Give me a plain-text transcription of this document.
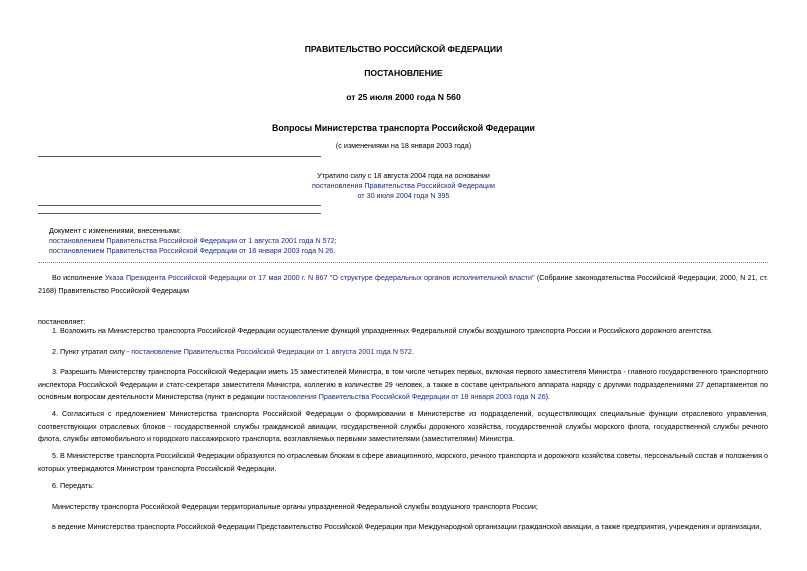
ПРАВИТЕЛЬСТВО РОССИЙСКОЙ ФЕДЕРАЦИИ
ПОСТАНОВЛЕНИЕ
от 25 июля 2000 года N 560
Вопросы Министерства транспорта Российской Федерации
(с изменениями на 18 января 2003 года)
Утратило силу с 18 августа 2004 года на основании
постановления Правительства Российской Федерации
от 30 июля 2004 года N 395
Документ с изменениями, внесенными:
постановлением Правительства Российской Федерации от 1 августа 2001 года N 572;
постановлением Правительства Российской Федерации от 18 января 2003 года N 26.
Во исполнение Указа Президента Российской Федерации от 17 мая 2000 г. N 867 "О структуре федеральных органов исполнительной власти" (Собрание законодательства Российской Федерации, 2000, N 21, ст. 2168) Правительство Российской Федерации
постановляет:
1. Возложить на Министерство транспорта Российской Федерации осуществление функций упраздненных Федеральной службы воздушного транспорта России и Российского дорожного агентства.
2. Пункт утратил силу - постановление Правительства Российской Федерации от 1 августа 2001 года N 572.
3. Разрешить Министерству транспорта Российской Федерации иметь 15 заместителей Министра, в том числе четырех первых, включая первого заместителя Министра - главного государственного транспортного инспектора Российской Федерации и статс-секретаря заместителя Министра, коллегию в количестве 29 человек, а также в составе центрального аппарата наряду с другими подразделениями 27 департаментов по основным вопросам деятельности Министерства (пункт в редакции постановления Правительства Российской Федерации от 18 января 2003 года N 26).
4. Согласиться с предложением Министерства транспорта Российской Федерации о формировании в Министерстве из подразделений, осуществляющих специальные функции отраслевого управления, соответствующих отраслевых блоков - государственной службы гражданской авиации, государственной службы дорожного хозяйства, государственной службы морского флота, государственной службы речного флота, службы автомобильного и городского пассажирского транспорта, возглавляемых первыми заместителями (заместителями) Министра.
5. В Министерстве транспорта Российской Федерации образуются по отраслевым блокам в сфере авиационного, морского, речного транспорта и дорожного хозяйства советы, персональный состав и положения о которых утверждаются Министром транспорта Российской Федерации.
6. Передать:
Министерству транспорта Российской Федерации территориальные органы упраздненной Федеральной службы воздушного транспорта России;
в ведение Министерства транспорта Российской Федерации Представительство Российской Федерации при Международной организации гражданской авиации, а также предприятия, учреждения и организации,
